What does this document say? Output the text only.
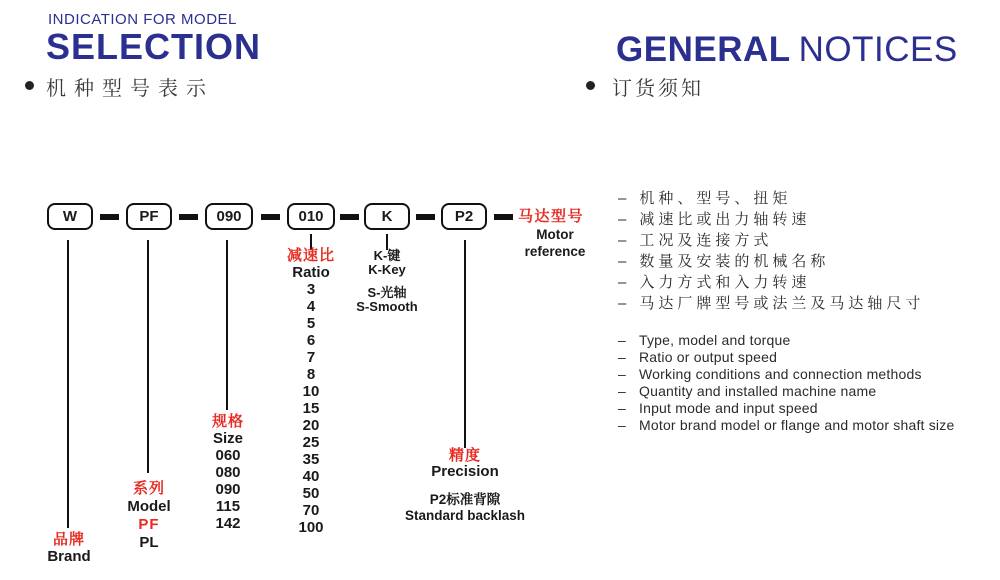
INDICATION FOR MODEL
SELECTION
机种型号表示
GENERAL NOTICES
订货须知
W	PF	090	010	K	P2	马达型号
Motor
reference
品牌
Brand
系列
Model
PF
PL
规格
Size
060
080
090
115
142
减速比
Ratio
3
4
5
6
7
8
10
15
20
25
35
40
50
70
100
K-键
K-Key
S-光轴
S-Smooth
精度
Precision
P2标准背隙
Standard backlash
– 机种、型号、扭矩
– 减速比或出力轴转速
– 工况及连接方式
– 数量及安装的机械名称
– 入力方式和入力转速
– 马达厂牌型号或法兰及马达轴尺寸
– Type, model and torque
– Ratio or output speed
– Working conditions and connection methods
– Quantity and installed machine name
– Input mode and input speed
– Motor brand model or flange and motor shaft size
